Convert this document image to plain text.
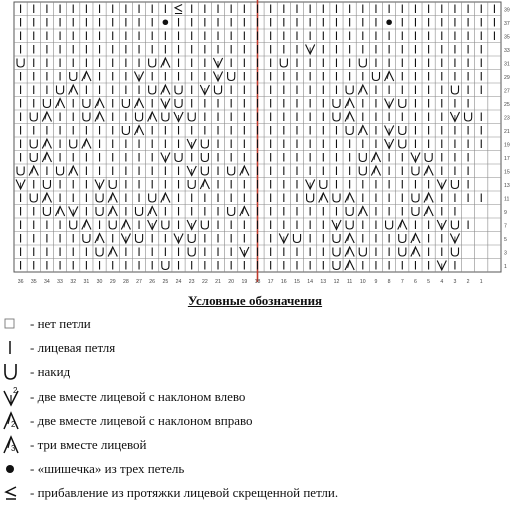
39
37
35
33
31
29
27
25
23
21
19
17
15
13
11
9
7
5
3
1
36 35 34 33 32 31 30 29 28 27 26 25 24 23 22 21 20 19 18 17 16 15 14 13 12 11 10 9 8 7 6 5 4 3 2 1
Условные обозначения
- нет петли
- лицевая петля
- накид
2 - две вместе лицевой с наклоном влево
2 - две вместе лицевой с наклоном вправо
3 - три вместе лицевой
- «шишечка» из трех петель
- прибавление из протяжки лицевой скрещенной петли.
